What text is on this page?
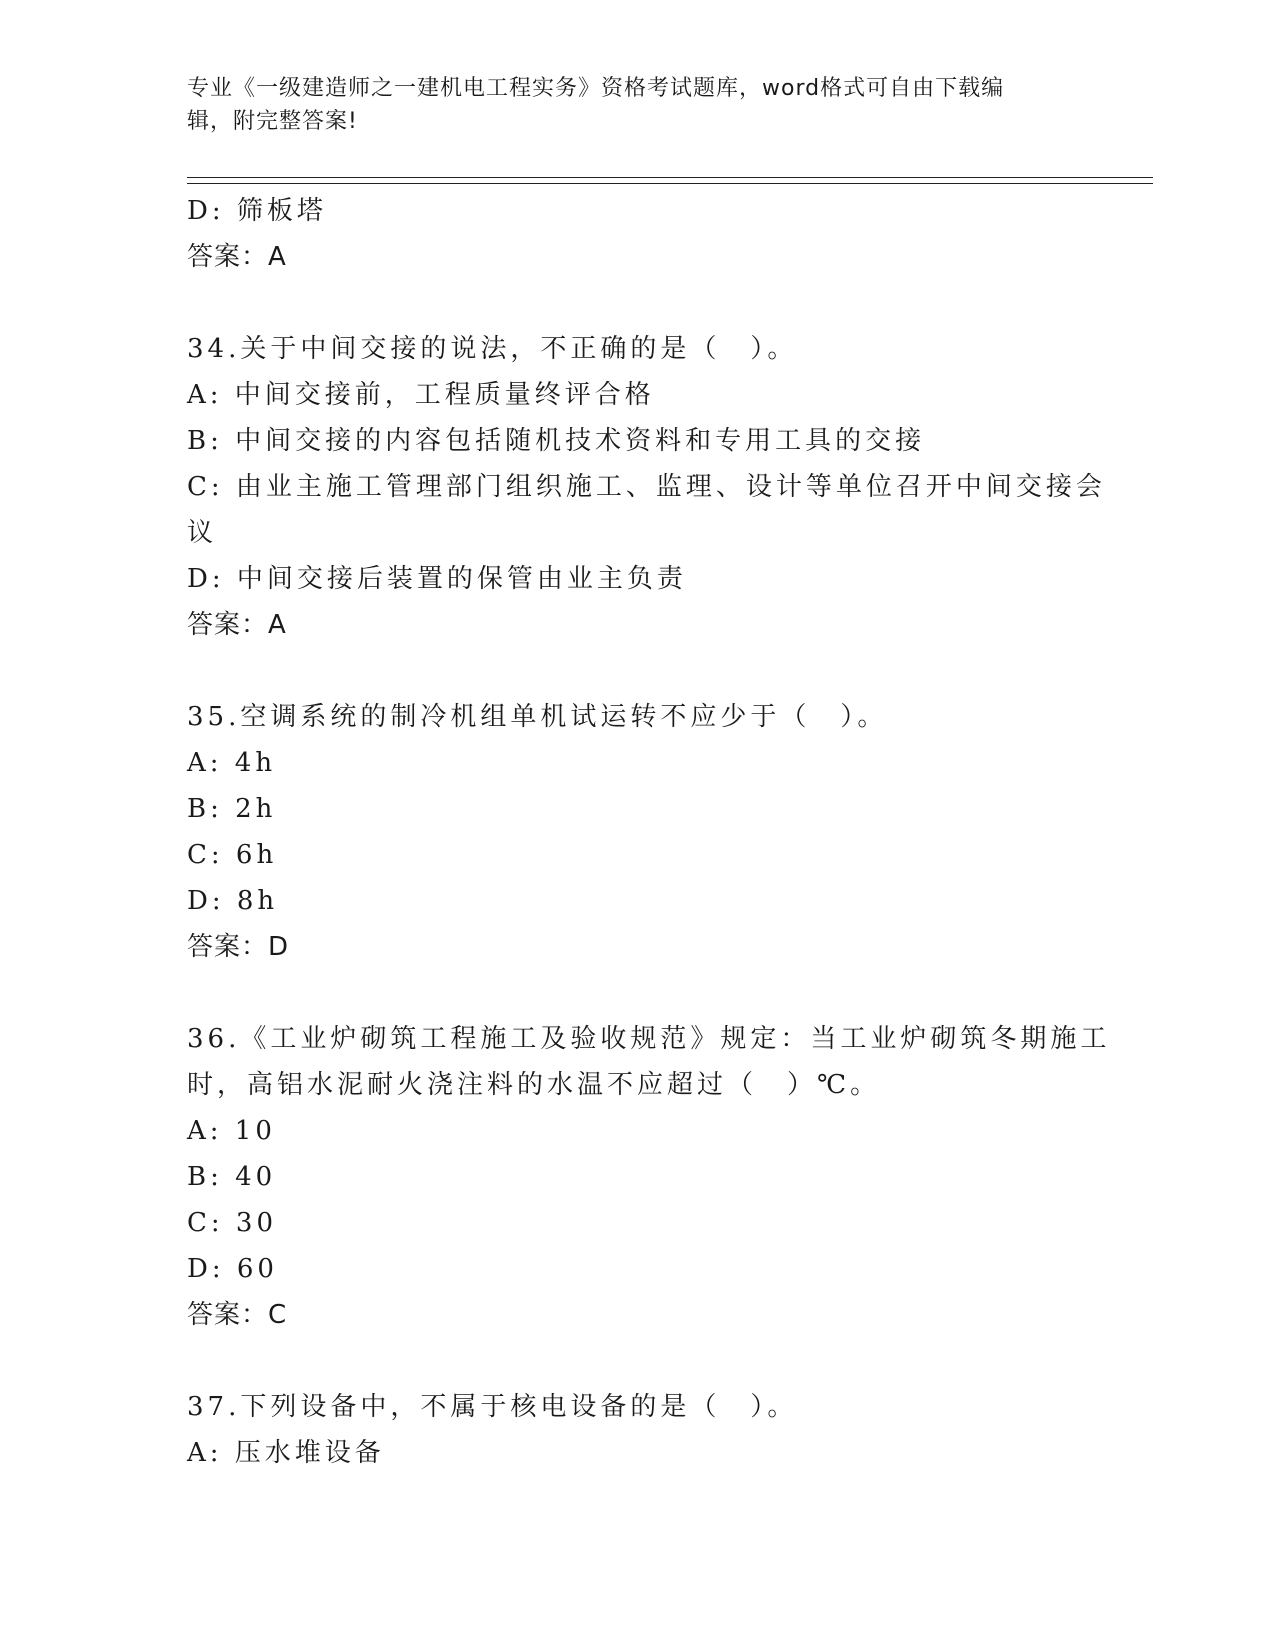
专业《一级建造师之一建机电工程实务》资格考试题库，word格式可自由下载编
辑，附完整答案!
D: 筛板塔
答案：A
34.关于中间交接的说法，不正确的是（　）。
A: 中间交接前，工程质量终评合格
B: 中间交接的内容包括随机技术资料和专用工具的交接
C: 由业主施工管理部门组织施工、监理、设计等单位召开中间交接会
议
D: 中间交接后装置的保管由业主负责
答案：A
35.空调系统的制冷机组单机试运转不应少于（　）。
A: 4h
B: 2h
C: 6h
D: 8h
答案：D
36.《工业炉砌筑工程施工及验收规范》规定：当工业炉砌筑冬期施工
时，高铝水泥耐火浇注料的水温不应超过（　）℃。
A: 10
B: 40
C: 30
D: 60
答案：C
37.下列设备中，不属于核电设备的是（　）。
A: 压水堆设备
